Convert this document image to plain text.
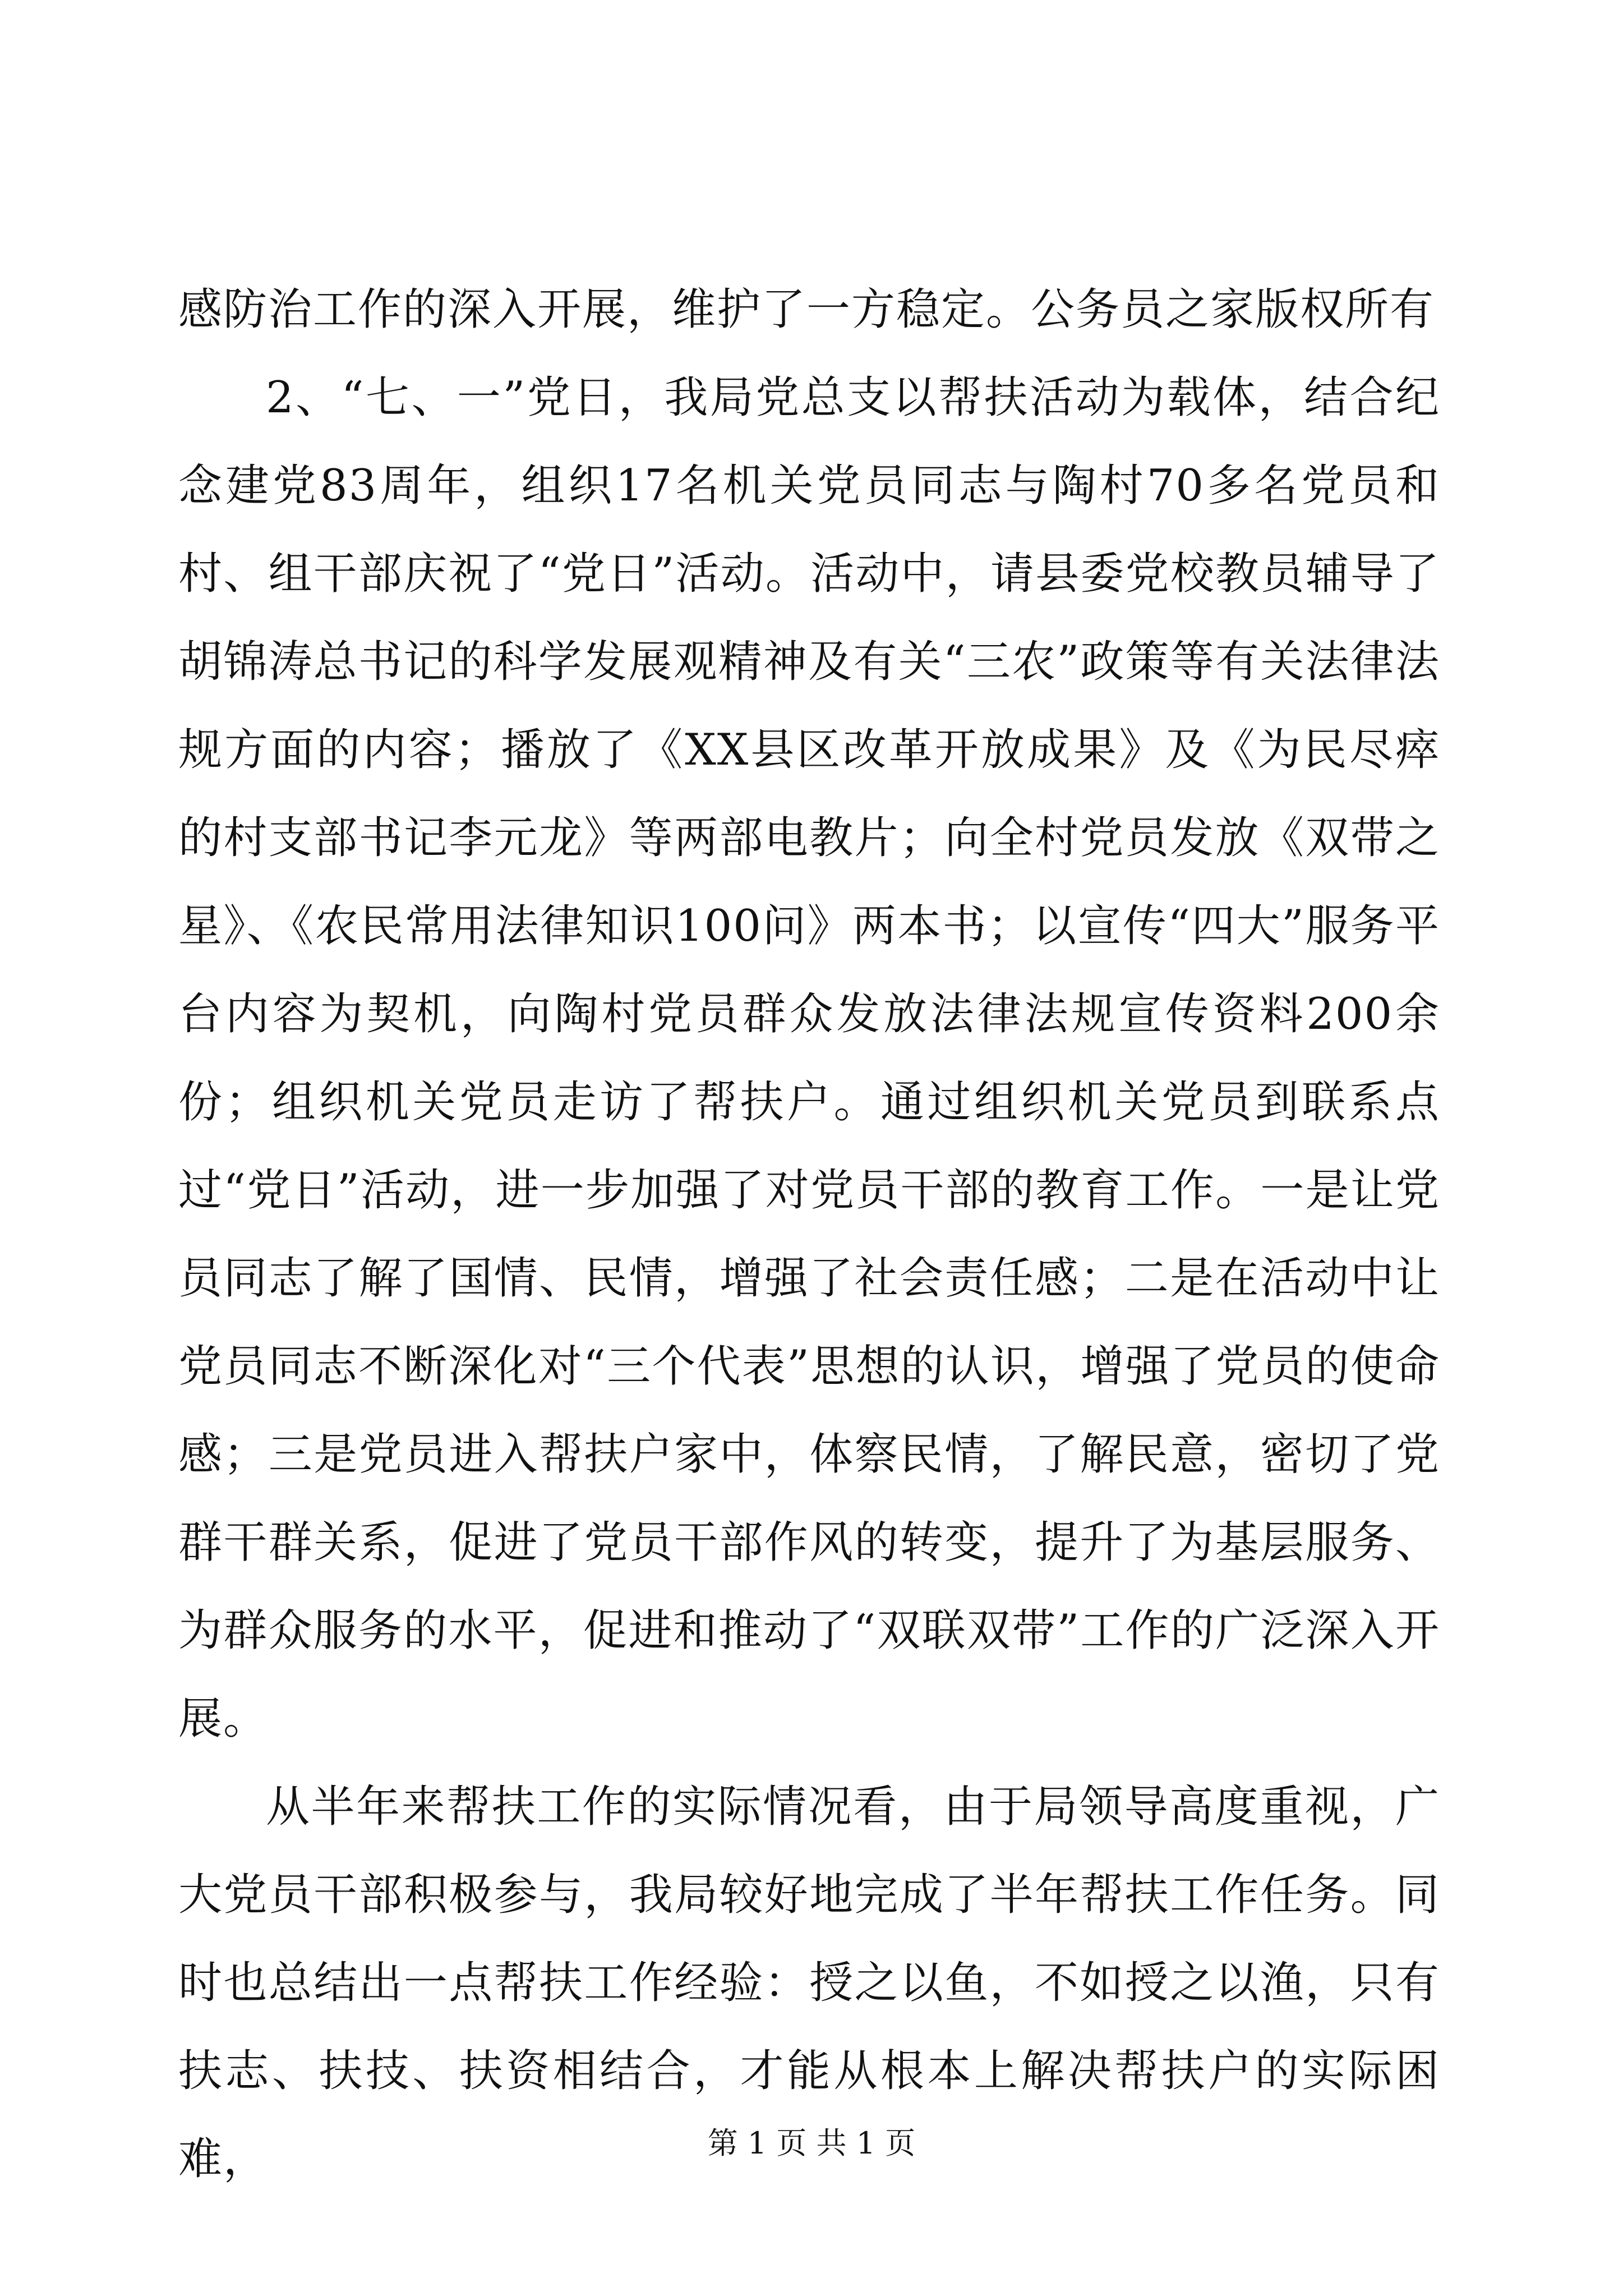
感防治工作的深入开展，维护了一方稳定。公务员之家版权所有

2、“七、一”党日，我局党总支以帮扶活动为载体，结合纪念建党83周年，组织17名机关党员同志与陶村70多名党员和村、组干部庆祝了“党日”活动。活动中，请县委党校教员辅导了胡锦涛总书记的科学发展观精神及有关“三农”政策等有关法律法规方面的内容；播放了《XX县区改革开放成果》及《为民尽瘁的村支部书记李元龙》等两部电教片；向全村党员发放《双带之星》、《农民常用法律知识100问》两本书；以宣传“四大”服务平台内容为契机，向陶村党员群众发放法律法规宣传资料200余份；组织机关党员走访了帮扶户。通过组织机关党员到联系点过“党日”活动，进一步加强了对党员干部的教育工作。一是让党员同志了解了国情、民情，增强了社会责任感；二是在活动中让党员同志不断深化对“三个代表”思想的认识，增强了党员的使命感；三是党员进入帮扶户家中，体察民情，了解民意，密切了党群干群关系，促进了党员干部作风的转变，提升了为基层服务、为群众服务的水平，促进和推动了“双联双带”工作的广泛深入开展。

从半年来帮扶工作的实际情况看，由于局领导高度重视，广大党员干部积极参与，我局较好地完成了半年帮扶工作任务。同时也总结出一点帮扶工作经验：授之以鱼，不如授之以渔，只有扶志、扶技、扶资相结合，才能从根本上解决帮扶户的实际困难，	第 1 页 共 1 页
